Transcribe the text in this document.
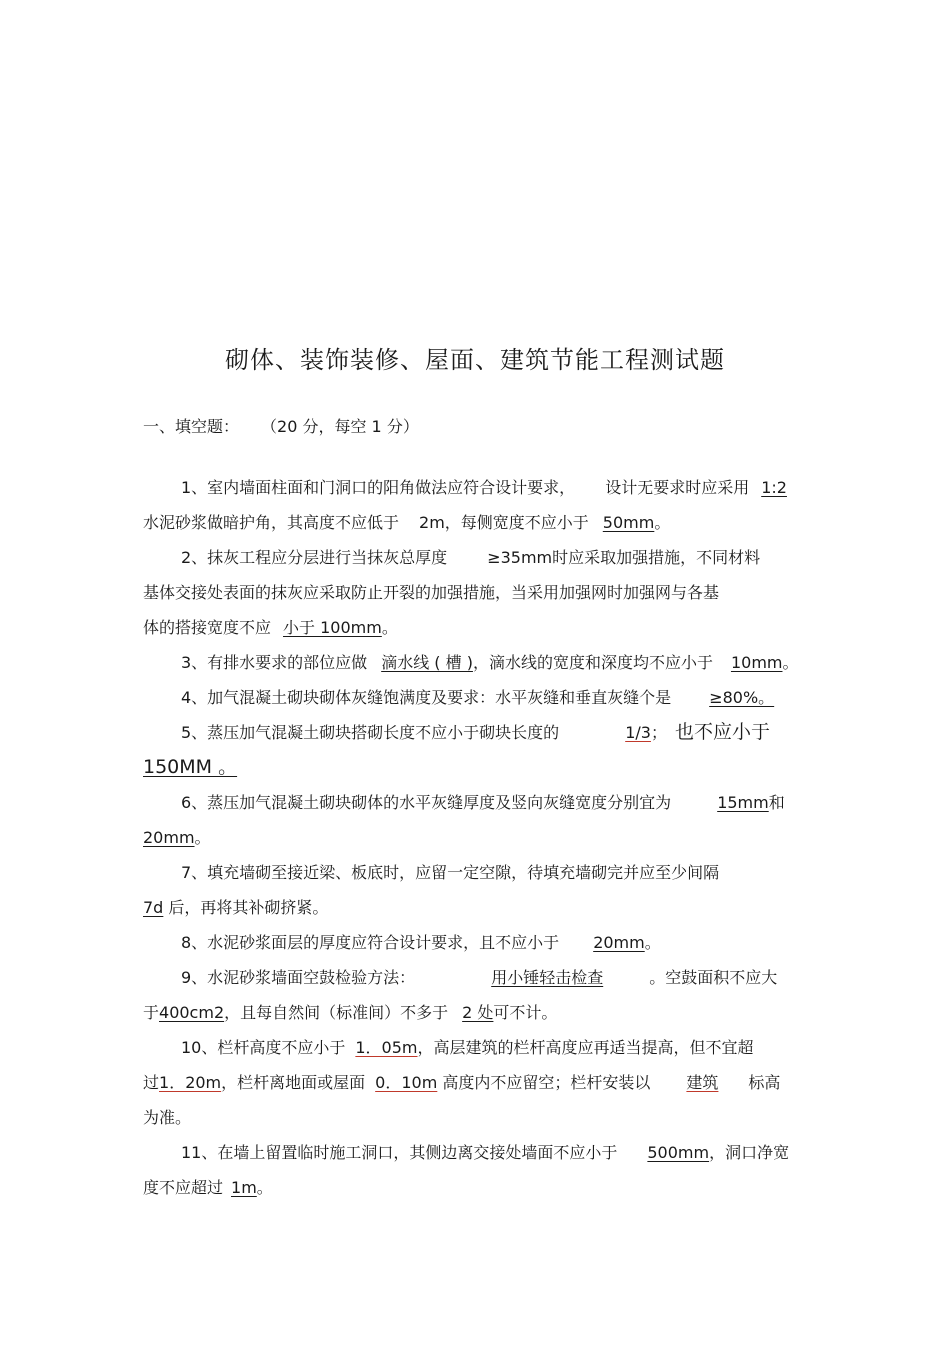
砌体、装饰装修、屋面、建筑节能工程测试题
一、填空题： （20 分，每空 1 分）

1、室内墙面柱面和门洞口的阳角做法应符合设计要求， 设计无要求时应采用 1:2

水泥砂浆做暗护角，其高度不应低于 2m，每侧宽度不应小于 50mm。

2、抹灰工程应分层进行当抹灰总厚度	≥35mm时应采取加强措施，不同材料

基体交接处表面的抹灰应采取防止开裂的加强措施，当采用加强网时加强网与各基

体的搭接宽度不应 小于 100mm。

3、有排水要求的部位应做 滴水线 ( 槽 )，滴水线的宽度和深度均不应小于 10mm。

4、加气混凝土砌块砌体灰缝饱满度及要求：水平灰缝和垂直灰缝个是 ≥80%。

5、蒸压加气混凝土砌块搭砌长度不应小于砌块长度的	1/3； 也不应小于

150MM 。

6、蒸压加气混凝土砌块砌体的水平灰缝厚度及竖向灰缝宽度分别宜为	15mm和

20mm。

7、填充墙砌至接近梁、板底时，应留一定空隙，待填充墙砌完并应至少间隔

7d 后，再将其补砌挤紧。

8、水泥砂浆面层的厚度应符合设计要求，且不应小于 20mm。

9、水泥砂浆墙面空鼓检验方法：	用小锤轻击检查	。空鼓面积不应大

于400cm2，且每自然间（标准间）不多于 2 处可不计。

10、栏杆高度不应小于 1．05m，高层建筑的栏杆高度应再适当提高，但不宜超

过1．20m，栏杆离地面或屋面 0．10m 高度内不应留空；栏杆安装以 建筑 标高

为准。

11、在墙上留置临时施工洞口，其侧边离交接处墙面不应小于 500mm，洞口净宽

度不应超过 1m。
